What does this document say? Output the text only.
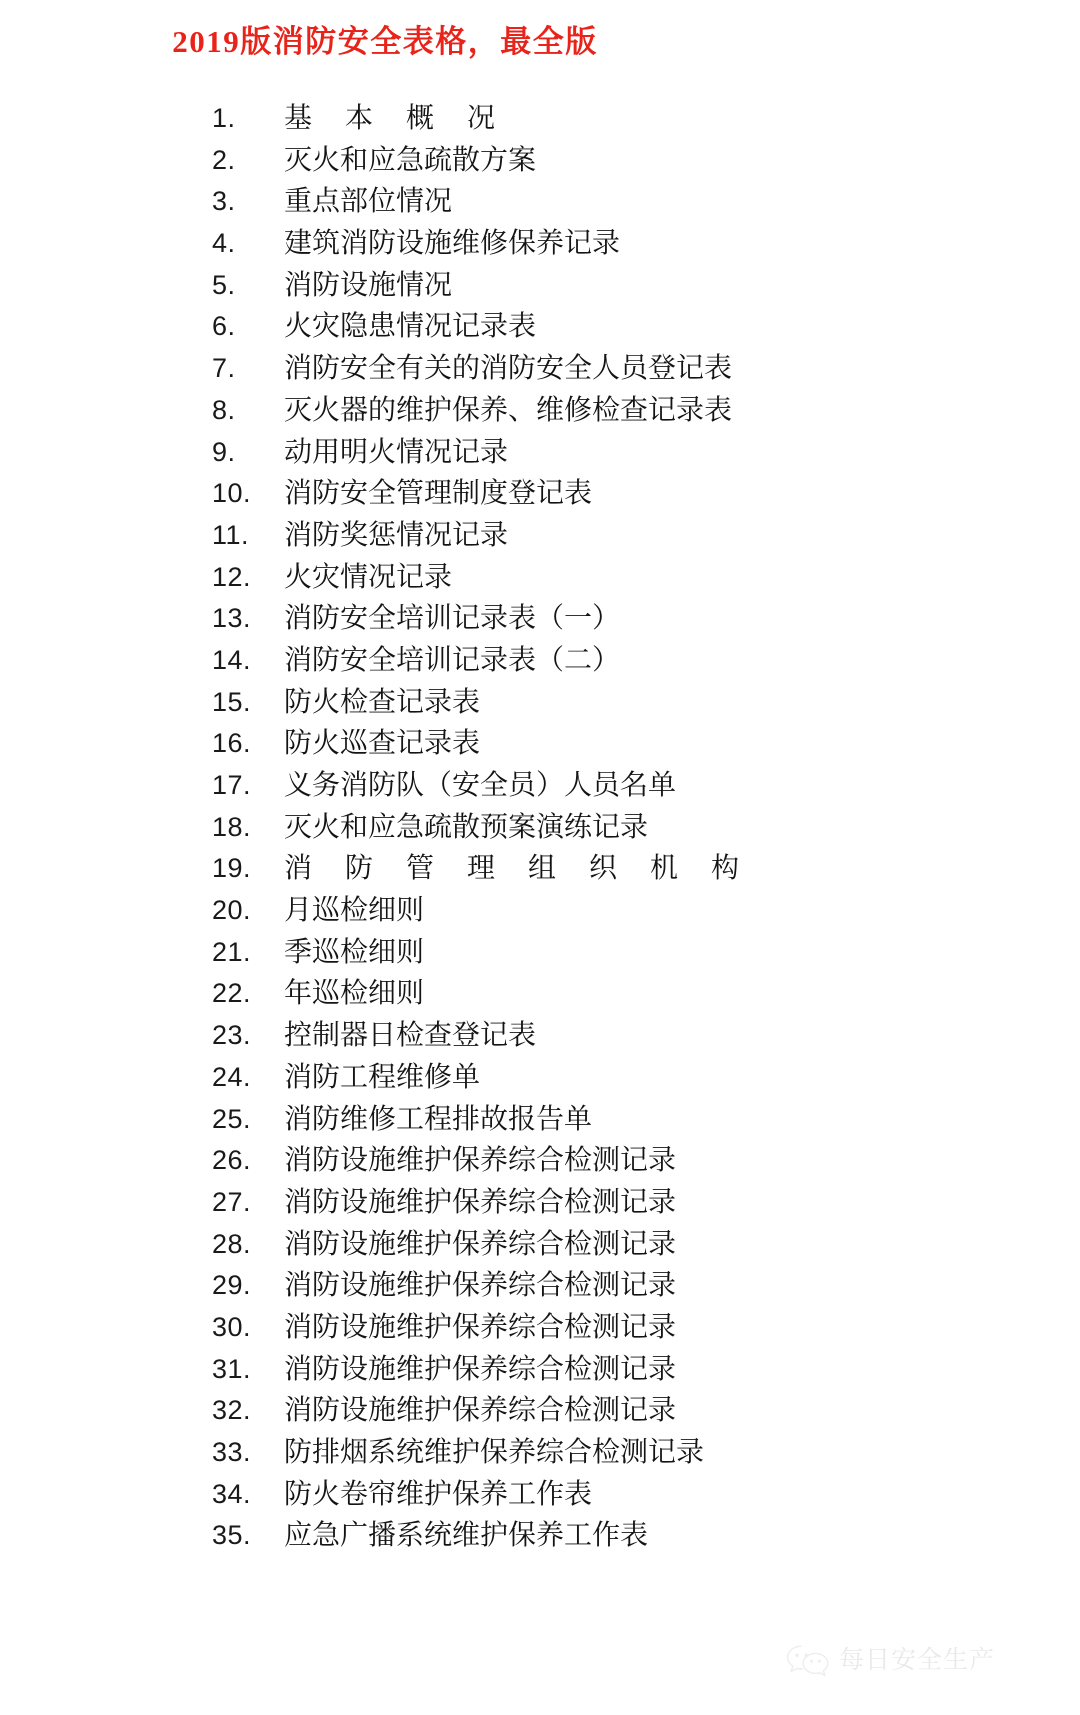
2019版消防安全表格，最全版
1.	基 本 概 况
2.	灭火和应急疏散方案
3.	重点部位情况
4.	建筑消防设施维修保养记录
5.	消防设施情况
6.	火灾隐患情况记录表
7.	消防安全有关的消防安全人员登记表
8.	灭火器的维护保养、维修检查记录表
9.	动用明火情况记录
10.	消防安全管理制度登记表
11.	消防奖惩情况记录
12.	火灾情况记录
13.	消防安全培训记录表（一）
14.	消防安全培训记录表（二）
15.	防火检查记录表
16.	防火巡查记录表
17.	义务消防队（安全员）人员名单
18.	灭火和应急疏散预案演练记录
19.	消 防 管 理 组 织 机 构
20.	月巡检细则
21.	季巡检细则
22.	年巡检细则
23.	控制器日检查登记表
24.	消防工程维修单
25.	消防维修工程排故报告单
26.	消防设施维护保养综合检测记录
27.	消防设施维护保养综合检测记录
28.	消防设施维护保养综合检测记录
29.	消防设施维护保养综合检测记录
30.	消防设施维护保养综合检测记录
31.	消防设施维护保养综合检测记录
32.	消防设施维护保养综合检测记录
33.	防排烟系统维护保养综合检测记录
34.	防火卷帘维护保养工作表
35.	应急广播系统维护保养工作表
每日安全生产
